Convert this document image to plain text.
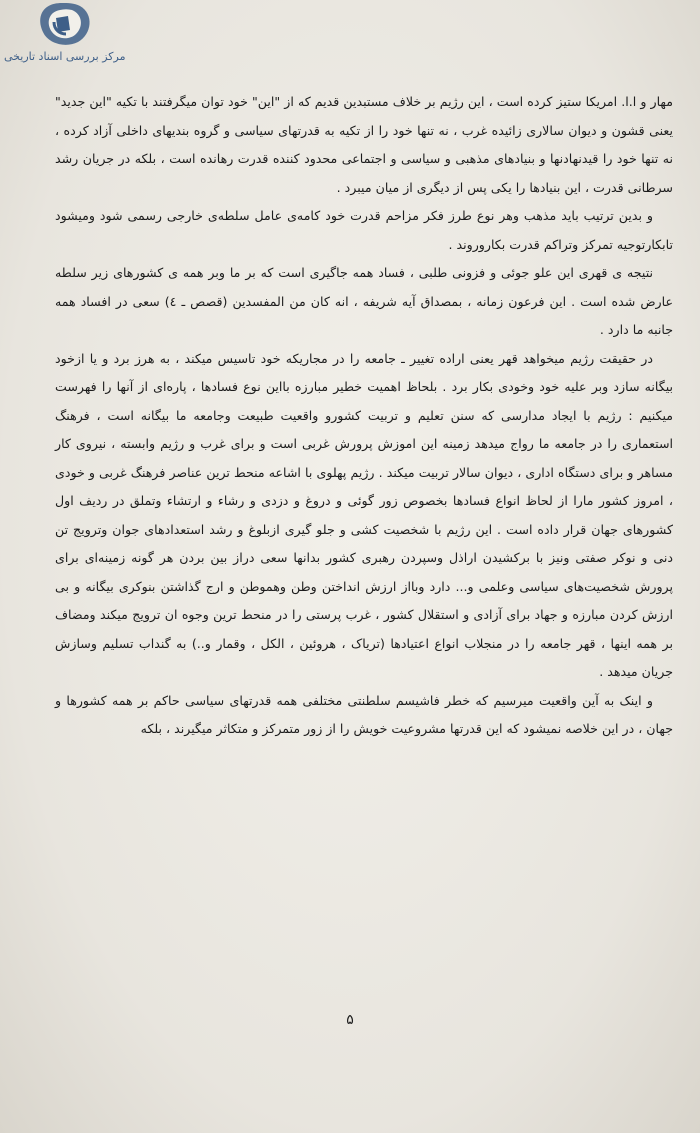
مرکز بررسی اسناد تاریخی

مهار و ا.ا. امریکا ستیز کرده است ، این رژیم بر خلاف مستبدین قدیم که از "این" خود توان میگرفتند با تکیه "این جدید" یعنی قشون و دیوان سالاری زائیده غرب ، نه تنها خود را از تکیه به قدرتهای سیاسی و گروه بندیهای داخلی آزاد کرده ، نه تنها خود را قیدنهادنها و بنیادهای مذهبی و سیاسی و اجتماعی محدود کننده قدرت رهانده است ، بلکه در جریان رشد سرطانی قدرت ، این بنیادها را یکی پس از دیگری از میان میبرد .

و بدین ترتیب باید مذهب وهر نوع طرز فکر مزاحم قدرت خود کامه‌ی عامل سلطه‌ی خارجی رسمی شود ومیشود تابکارتوجیه تمرکز وتراکم قدرت بکاروروند .

نتیجه ی قهری این علو جوئی و فزونی طلبی ، فساد همه جاگیری است که بر ما وبر همه ی کشورهای زیر سلطه عارض شده است . این فرعون زمانه ، بمصداق آیه شریفه ، انه کان من المفسدین (قصص ـ ٤) سعی در افساد همه جانبه ما دارد .

در حقیقت رژیم میخواهد قهر یعنی اراده تغییر ـ جامعه را در مجاریکه خود تاسیس میکند ، به هرز برد و یا ازخود بیگانه سازد وبر علیه خود وخودی بکار برد . بلحاظ اهمیت خطیر مبارزه بااین نوع فسادها ، پاره‌ای از آنها را فهرست میکنیم : رژیم با ایجاد مدارسی که سنن تعلیم و تربیت کشورو واقعیت طبیعت وجامعه ما بیگانه است ، فرهنگ استعماری را در جامعه ما رواج میدهد زمینه این اموزش پرورش غربی است و برای غرب و رژیم وابسته ، نیروی کار مساهر و برای دستگاه اداری ، دیوان سالار تربیت میکند . رژیم پهلوی با اشاعه منحط ترین عناصر فرهنگ غربی و خودی ، امروز کشور مارا از لحاظ انواع فسادها بخصوص زور گوئی و دروغ و دزدی و رشاء و ارتشاء وتملق در ردیف اول کشورهای جهان قرار داده است . این رژیم با شخصیت کشی و جلو گیری ازبلوغ و رشد استعدادهای جوان وترویج تن دنی و نوکر صفتی ونیز با برکشیدن اراذل وسپردن رهبری کشور بدانها سعی دراز بین بردن هر گونه زمینه‌ای برای پرورش شخصیت‌های سیاسی وعلمی و... دارد وبااز ارزش انداختن وطن وهموطن و ارج گذاشتن بنوکری بیگانه و بی ارزش کردن مبارزه و جهاد برای آزادی و استقلال کشور ، غرب پرستی را در منحط ترین وجوه ان ترویج میکند ومضاف بر همه اینها ، قهر جامعه را در منجلاب انواع اعتیادها (تریاک ، هروئین ، الکل ، وقمار و..) به گنداب تسلیم وسازش جریان میدهد .

و اینک به آین واقعیت میرسیم که خطر فاشیسم سلطنتی مختلفی همه قدرتهای سیاسی حاکم بر همه کشورها و جهان ، در این خلاصه نمیشود که این قدرتها مشروعیت خویش را از زور متمرکز و متکاثر میگیرند ، بلکه

۵
